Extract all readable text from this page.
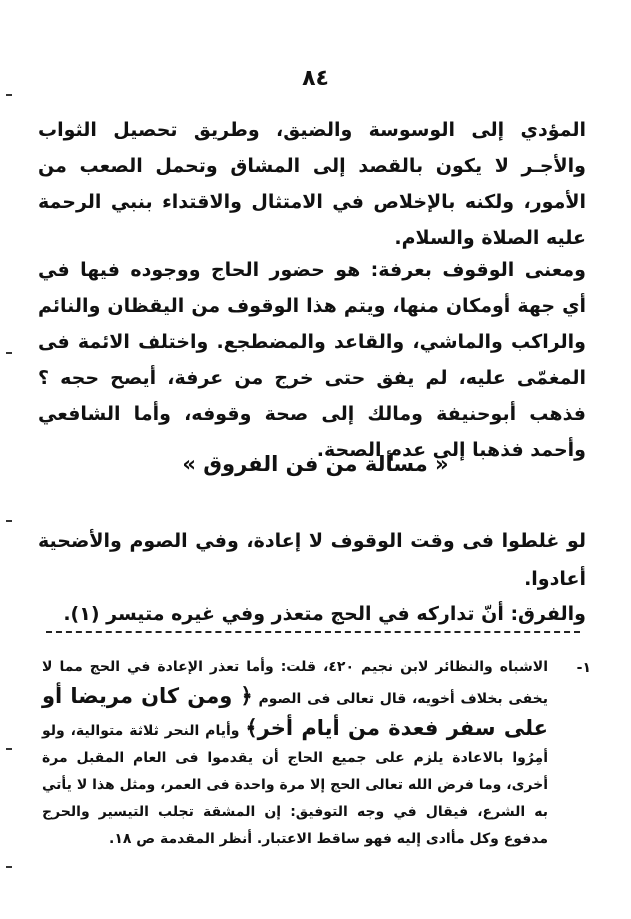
٨٤
المؤدي إلى الوسوسة والضيق، وطريق تحصيل الثواب والأجـر لا يكون بالقصد إلى المشاق وتحمل الصعب من الأمور، ولكنه بالإخلاص في الامتثال والاقتداء بنبي الرحمة عليه الصلاة والسلام.
ومعنى الوقوف بعرفة: هو حضور الحاج ووجوده فيها في أي جهة أومكان منها، ويتم هذا الوقوف من اليقظان والنائم والراكب والماشي، والقاعد والمضطجع. واختلف الائمة فى المغمّى عليه، لم يفق حتى خرج من عرفة، أيصح حجه ؟ فذهب أبوحنيفة ومالك إلى صحة وقوفه، وأما الشافعي وأحمد فذهبا إلى عدم الصحة.
« مسألة من فن الفروق »
لو غلطوا فى وقت الوقوف لا إعادة، وفي الصوم والأضحية أعادوا.
والفرق: أنّ تداركه في الحج متعذر وفي غيره متيسر (١).
١-
الاشباه والنظائر لابن نجيم ٤٢٠، قلت: وأما تعذر الإعادة في الحج مما لا يخفى بخلاف أخويه، قال تعالى فى الصوم ﴿ ومن كان مريضا أو على سفر فعدة من أيام أخر﴾ وأيام النحر ثلاثة متوالية، ولو أمِرُوا بالاعادة يلزم على جميع الحاج أن يقدموا فى العام المقبل مرة أخرى، وما فرض الله تعالى الحج إلا مرة واحدة فى العمر، ومثل هذا لا يأتي به الشرع، فيقال في وجه التوفيق: إن المشقة تجلب التيسير والحرج مدفوع وكل مأادى إليه فهو ساقط الاعتبار. أنظر المقدمة ص ١٨.
